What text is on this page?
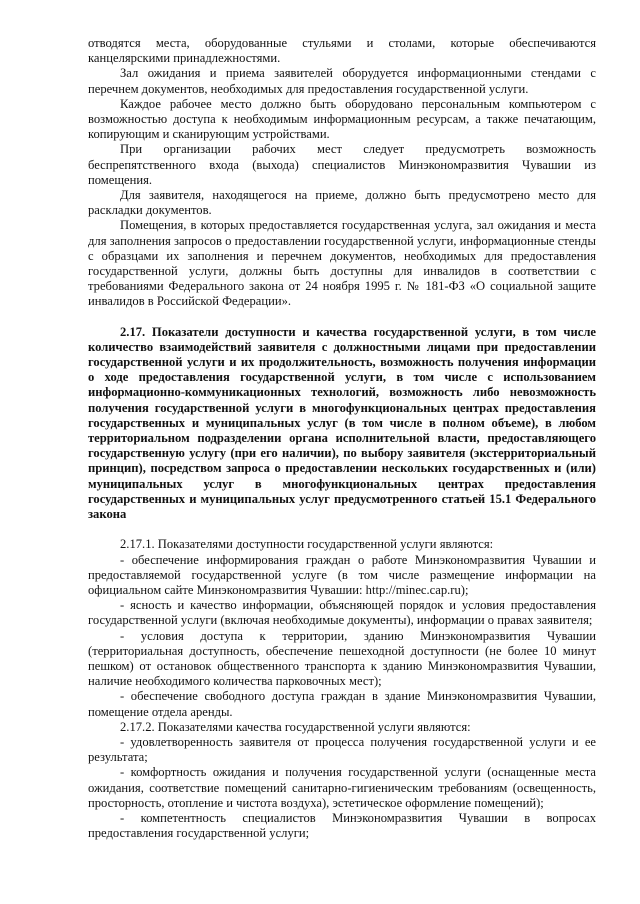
отводятся места, оборудованные стульями и столами, которые обеспечиваются канцелярскими принадлежностями.

Зал ожидания и приема заявителей оборудуется информационными стендами с перечнем документов, необходимых для предоставления государственной услуги.

Каждое рабочее место должно быть оборудовано персональным компьютером с возможностью доступа к необходимым информационным ресурсам, а также печатающим, копирующим и сканирующим устройствами.

При организации рабочих мест следует предусмотреть возможность беспрепятственного входа (выхода) специалистов Минэкономразвития Чувашии из помещения.

Для заявителя, находящегося на приеме, должно быть предусмотрено место для раскладки документов.

Помещения, в которых предоставляется государственная услуга, зал ожидания и места для заполнения запросов о предоставлении государственной услуги, информационные стенды с образцами их заполнения и перечнем документов, необходимых для предоставления государственной услуги, должны быть доступны для инвалидов в соответствии с требованиями Федерального закона от 24 ноября 1995 г. № 181-ФЗ «О социальной защите инвалидов в Российской Федерации».

2.17. Показатели доступности и качества государственной услуги, в том числе количество взаимодействий заявителя с должностными лицами при предоставлении государственной услуги и их продолжительность, возможность получения информации о ходе предоставления государственной услуги, в том числе с использованием информационно-коммуникационных технологий, возможность либо невозможность получения государственной услуги в многофункциональных центрах предоставления государственных и муниципальных услуг (в том числе в полном объеме), в любом территориальном подразделении органа исполнительной власти, предоставляющего государственную услугу (при его наличии), по выбору заявителя (экстерриториальный принцип), посредством запроса о предоставлении нескольких государственных и (или) муниципальных услуг в многофункциональных центрах предоставления государственных и муниципальных услуг предусмотренного статьей 15.1 Федерального закона

2.17.1. Показателями доступности государственной услуги являются:

- обеспечение информирования граждан о работе Минэкономразвития Чувашии и предоставляемой государственной услуге (в том числе размещение информации на официальном сайте Минэкономразвития Чувашии: http://minec.cap.ru);

- ясность и качество информации, объясняющей порядок и условия предоставления государственной услуги (включая необходимые документы), информации о правах заявителя;

- условия доступа к территории, зданию Минэкономразвития Чувашии (территориальная доступность, обеспечение пешеходной доступности (не более 10 минут пешком) от остановок общественного транспорта к зданию Минэкономразвития Чувашии, наличие необходимого количества парковочных мест);

- обеспечение свободного доступа граждан в здание Минэкономразвития Чувашии, помещение отдела аренды.

2.17.2. Показателями качества государственной услуги являются:

- удовлетворенность заявителя от процесса получения государственной услуги и ее результата;

- комфортность ожидания и получения государственной услуги (оснащенные места ожидания, соответствие помещений санитарно-гигиеническим требованиям (освещенность, просторность, отопление и чистота воздуха), эстетическое оформление помещений);

- компетентность специалистов Минэкономразвития Чувашии в вопросах предоставления государственной услуги;
